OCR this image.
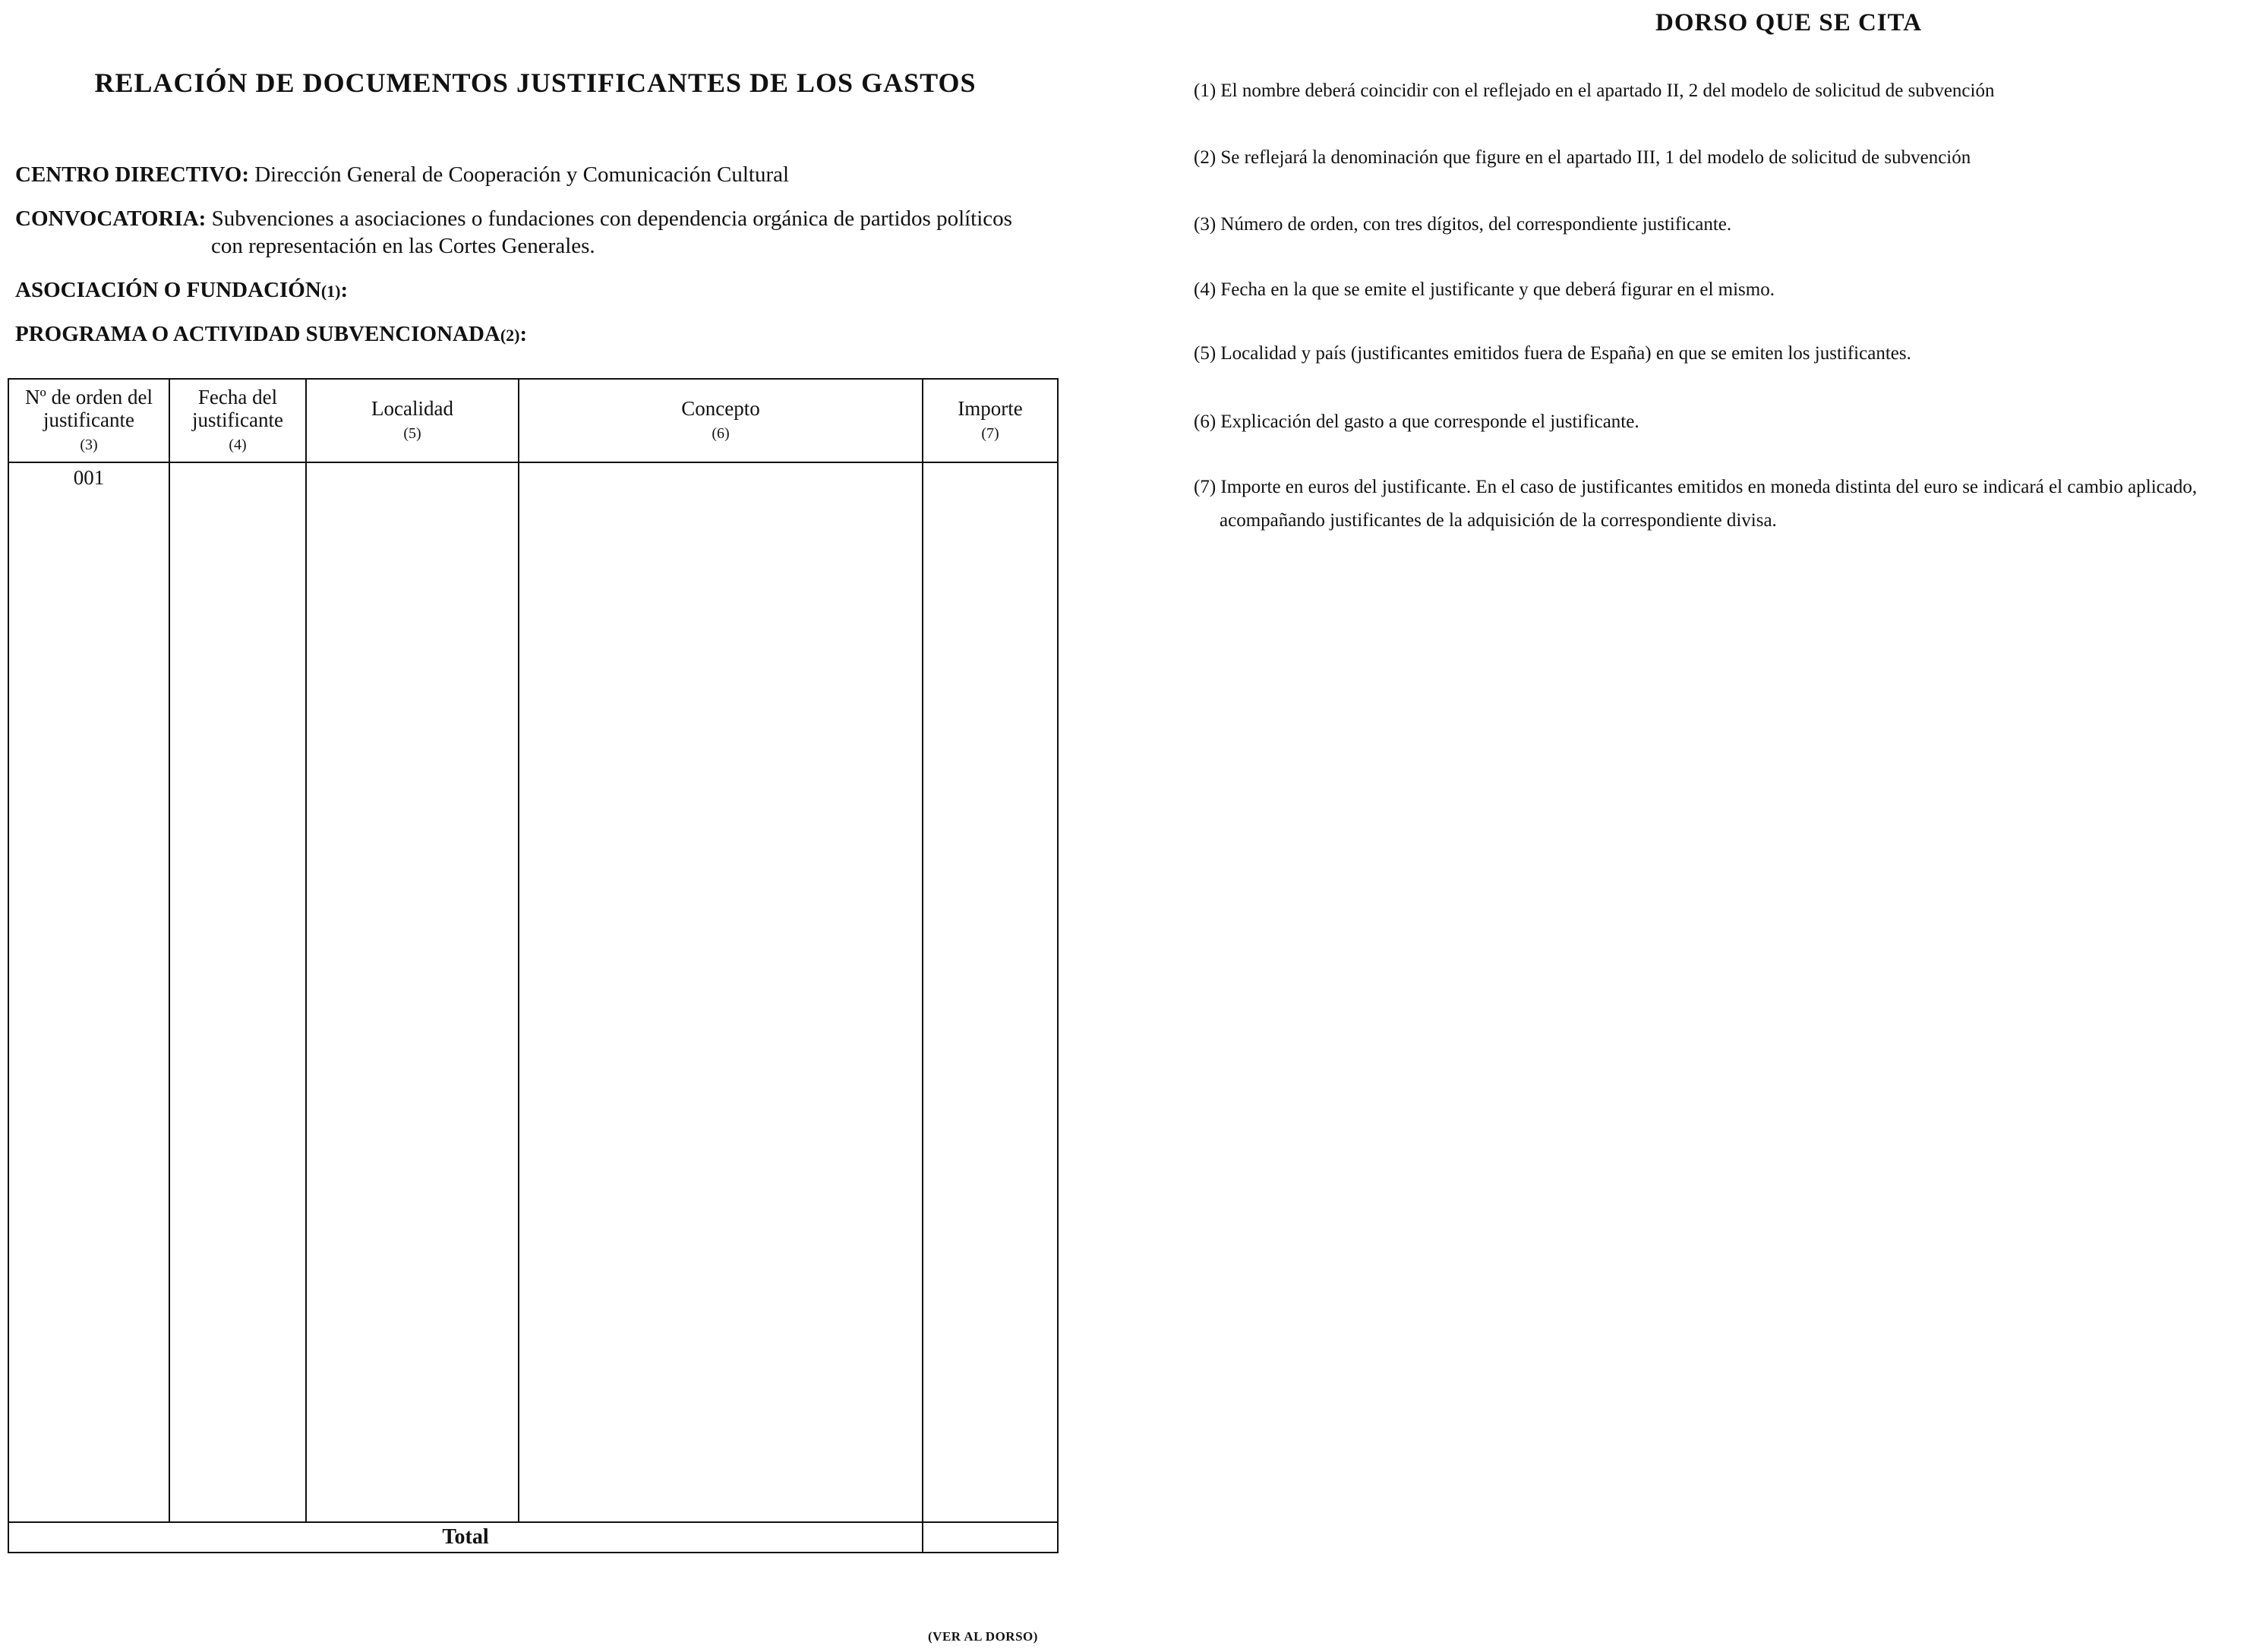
RELACIÓN DE DOCUMENTOS JUSTIFICANTES DE LOS GASTOS
CENTRO DIRECTIVO: Dirección General de Cooperación y Comunicación Cultural
CONVOCATORIA: Subvenciones a asociaciones o fundaciones con dependencia orgánica de partidos políticos
con representación en las Cortes Generales.
ASOCIACIÓN O FUNDACIÓN(1):
PROGRAMA O ACTIVIDAD SUBVENCIONADA(2):
Nº de orden del
justificante
(3)	Fecha del
justificante
(4)	Localidad
(5)	Concepto
(6)	Importe
(7)

001				
Total				
(VER AL DORSO)
DORSO QUE SE CITA
(1) El nombre deberá coincidir con el reflejado en el apartado II, 2 del modelo de solicitud de subvención
(2) Se reflejará la denominación que figure en el apartado III, 1 del modelo de solicitud de subvención
(3) Número de orden, con tres dígitos, del correspondiente justificante.
(4) Fecha en la que se emite el justificante y que deberá figurar en el mismo.
(5) Localidad y país (justificantes emitidos fuera de España) en que se emiten los justificantes.
(6) Explicación del gasto a que corresponde el justificante.
(7) Importe en euros del justificante. En el caso de justificantes emitidos en moneda distinta del euro se indicará el cambio aplicado,
acompañando justificantes de la adquisición de la correspondiente divisa.
